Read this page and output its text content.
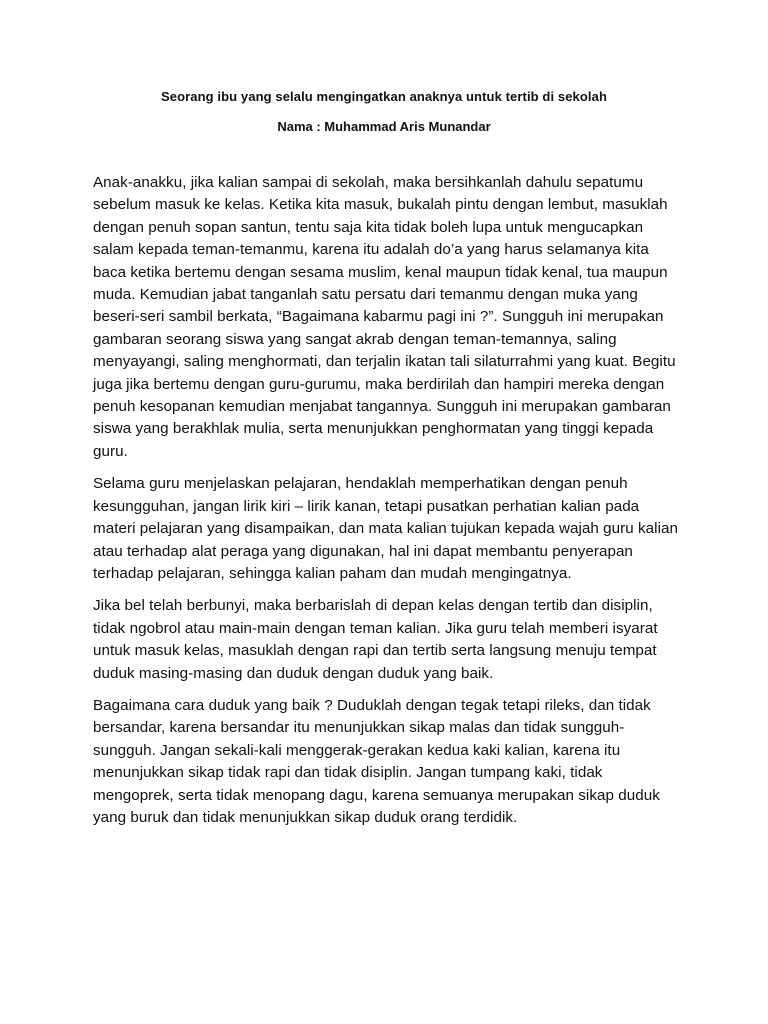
Seorang ibu yang selalu mengingatkan anaknya untuk tertib di sekolah
Nama : Muhammad Aris Munandar

Anak-anakku, jika kalian sampai di sekolah, maka bersihkanlah dahulu sepatumu sebelum masuk ke kelas. Ketika kita masuk, bukalah pintu dengan lembut, masuklah dengan penuh sopan santun, tentu saja kita tidak boleh lupa untuk mengucapkan salam kepada teman-temanmu, karena itu adalah do’a yang harus selamanya kita baca ketika bertemu dengan sesama muslim, kenal maupun tidak kenal, tua maupun muda. Kemudian jabat tanganlah satu persatu dari temanmu dengan muka yang beseri-seri sambil berkata, “Bagaimana kabarmu pagi ini ?”. Sungguh ini merupakan gambaran seorang siswa yang sangat akrab dengan teman-temannya, saling menyayangi, saling menghormati, dan terjalin ikatan tali silaturrahmi yang kuat. Begitu juga jika bertemu dengan guru-gurumu, maka berdirilah dan hampiri mereka dengan penuh kesopanan kemudian menjabat tangannya. Sungguh ini merupakan gambaran siswa yang berakhlak mulia, serta menunjukkan penghormatan yang tinggi kepada guru.

Selama guru menjelaskan pelajaran, hendaklah memperhatikan dengan penuh kesungguhan, jangan lirik kiri – lirik kanan, tetapi pusatkan perhatian kalian pada materi pelajaran yang disampaikan, dan mata kalian tujukan kepada wajah guru kalian atau terhadap alat peraga yang digunakan, hal ini dapat membantu penyerapan terhadap pelajaran, sehingga kalian paham dan mudah mengingatnya.

Jika bel telah berbunyi, maka berbarislah di depan kelas dengan tertib dan disiplin, tidak ngobrol atau main-main dengan teman kalian. Jika guru telah memberi isyarat untuk masuk kelas, masuklah dengan rapi dan tertib serta langsung menuju tempat duduk masing-masing dan duduk dengan duduk yang baik.

Bagaimana cara duduk yang baik ? Duduklah dengan tegak tetapi rileks, dan tidak bersandar, karena bersandar itu menunjukkan sikap malas dan tidak sungguh-sungguh. Jangan sekali-kali menggerak-gerakan kedua kaki kalian, karena itu menunjukkan sikap tidak rapi dan tidak disiplin. Jangan tumpang kaki, tidak mengoprek, serta tidak menopang dagu, karena semuanya merupakan sikap duduk yang buruk dan tidak menunjukkan sikap duduk orang terdidik.
